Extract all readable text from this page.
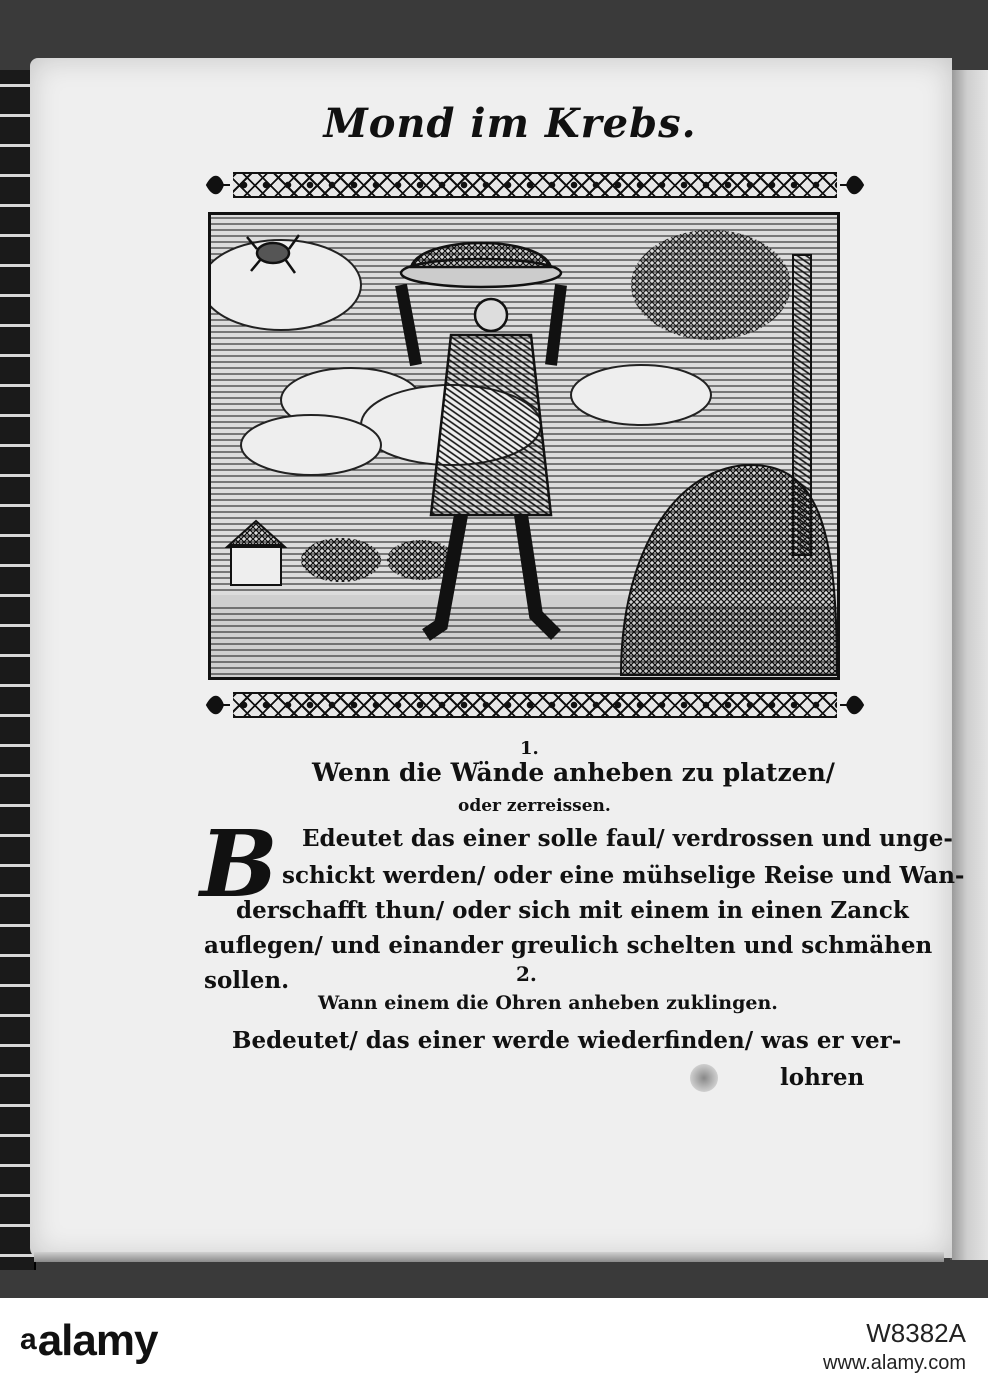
Mond im Krebs.
1.
Wenn die Wände anheben zu platzen/
oder zerreissen.
B Edeutet das einer solle faul/ verdrossen und unge-
schickt werden/ oder eine mühselige Reise und Wan-
derschafft thun/ oder sich mit einem in einen Zanck
auflegen/ und einander greulich schelten und schmähen
sollen.	2.
Wann einem die Ohren anheben zuklingen.
Bedeutet/ das einer werde wiederfinden/ was er ver-
lohren
aalamy	W8382A
www.alamy.com
